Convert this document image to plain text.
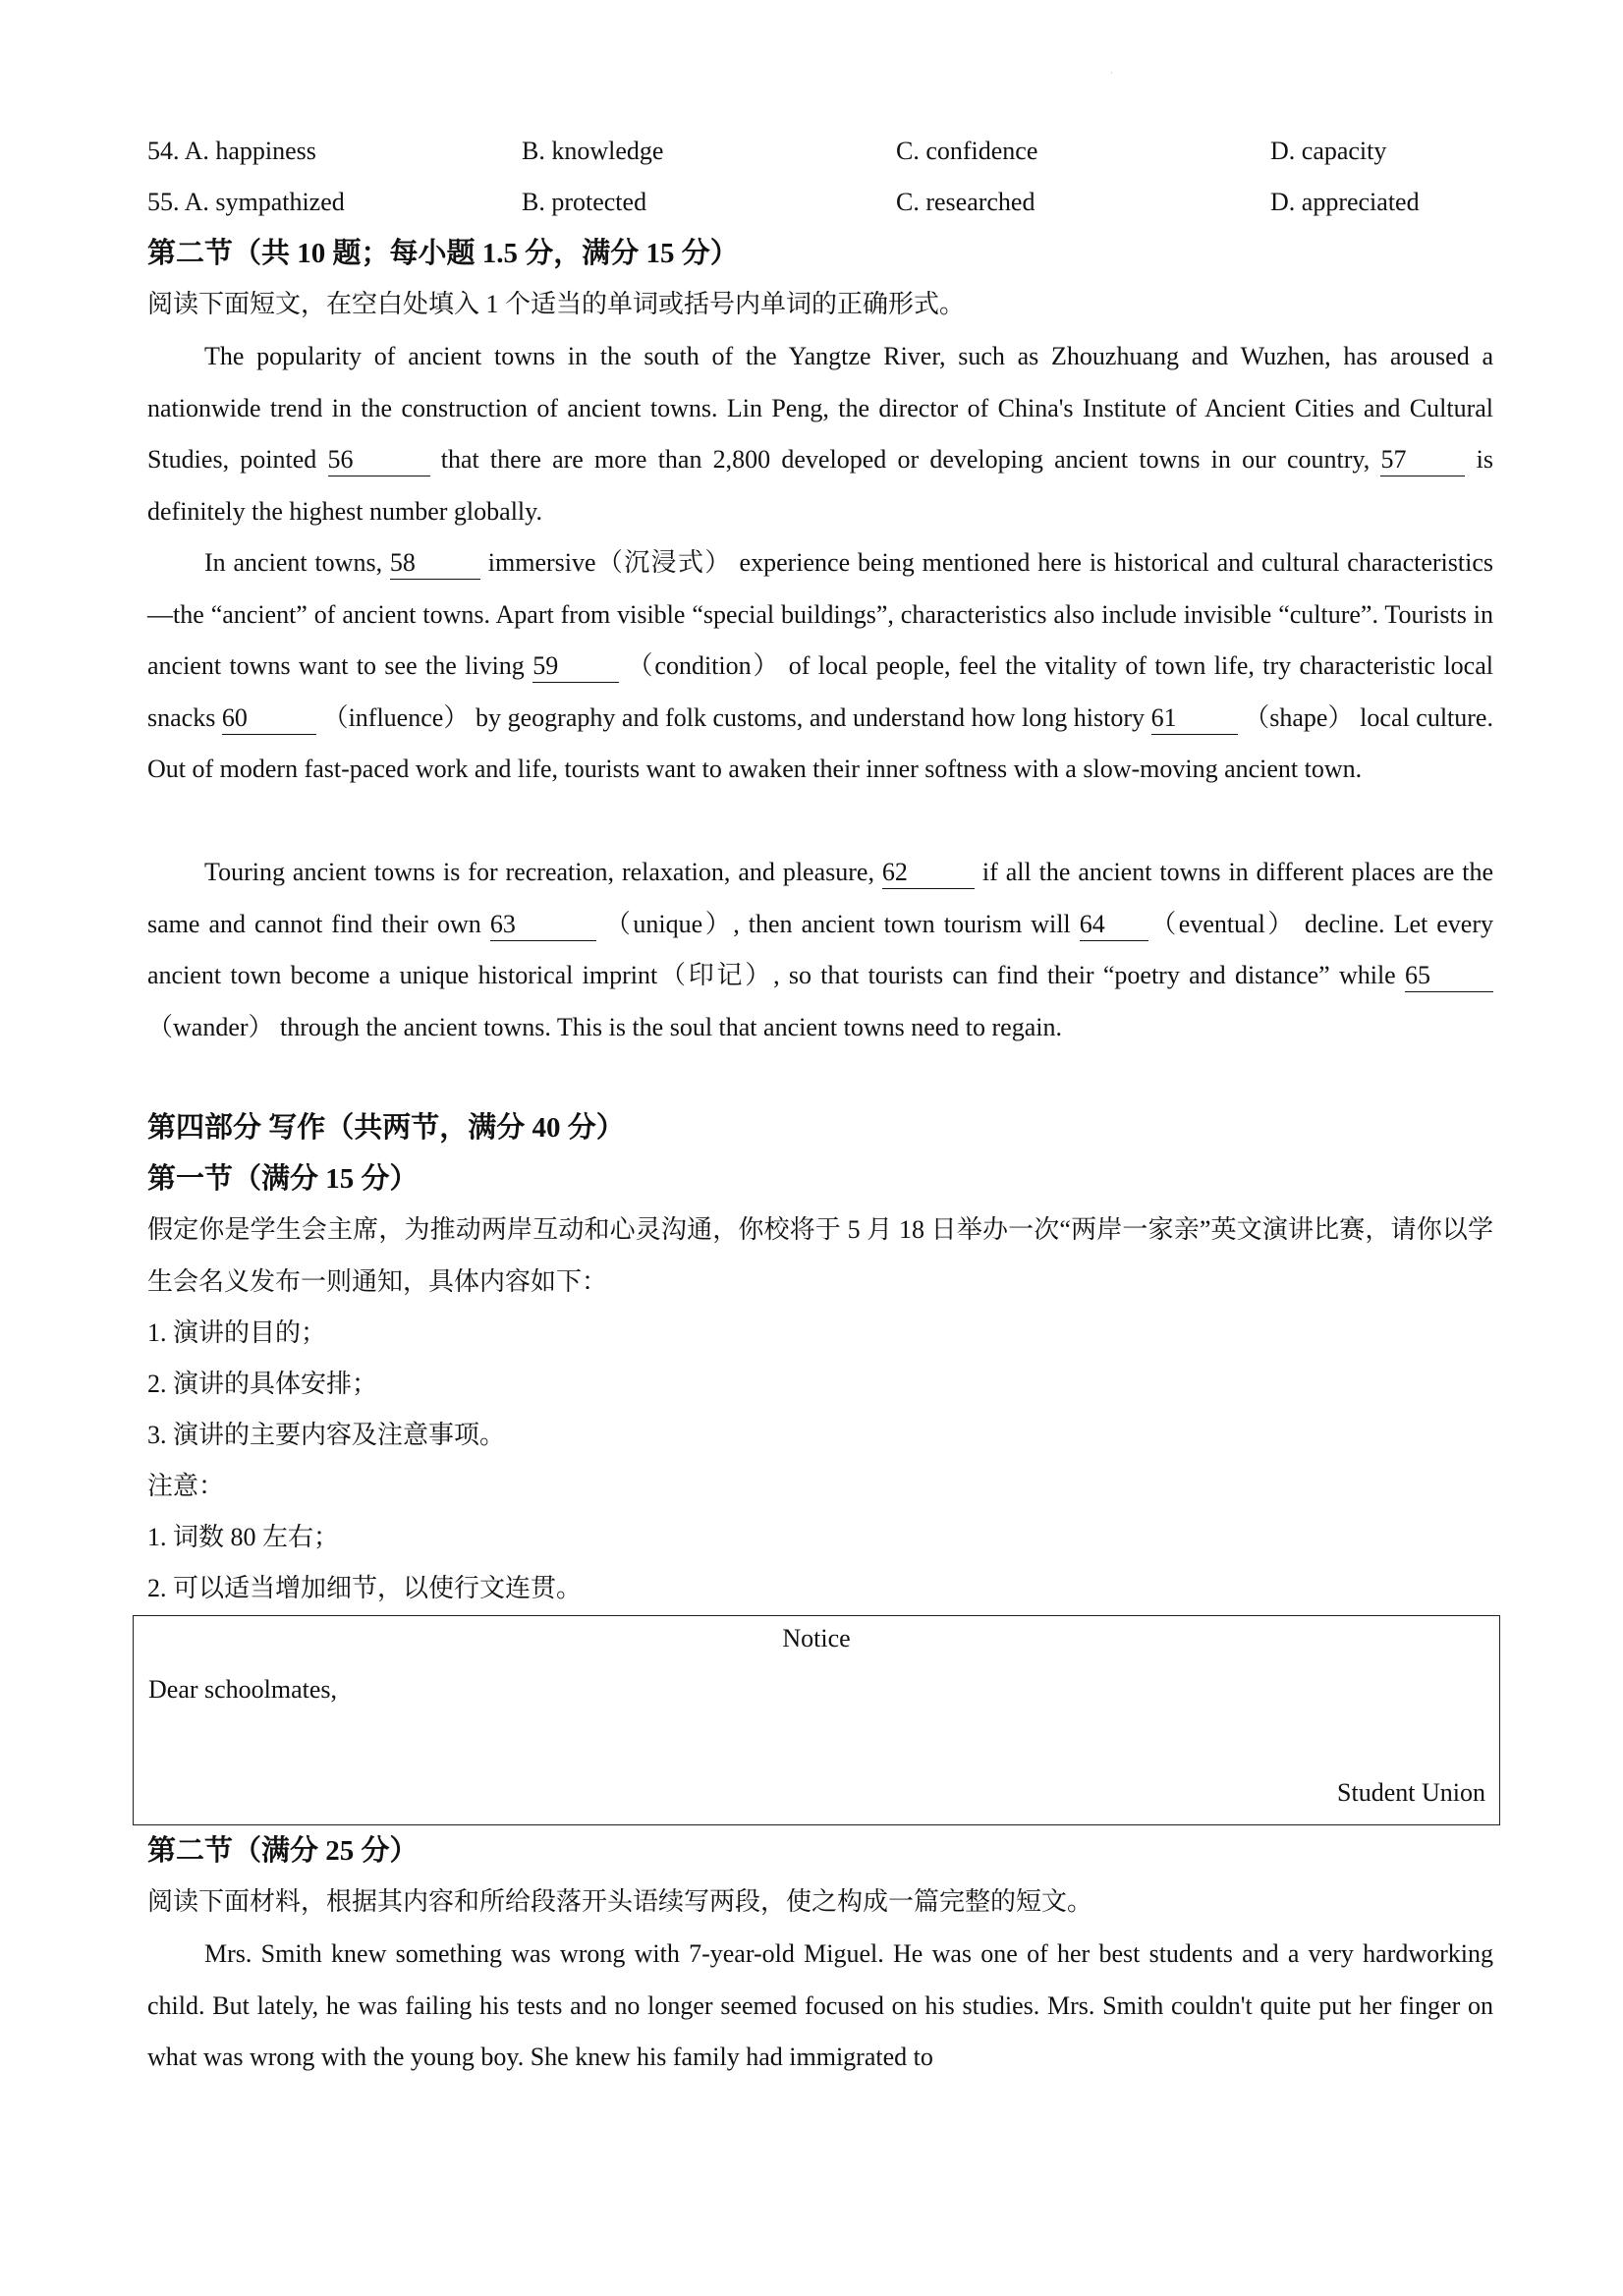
·
54. A. happiness	B. knowledge	C. confidence	D. capacity
55. A. sympathized	B. protected	C. researched	D. appreciated
第二节（共 10 题；每小题 1.5 分，满分 15 分）
阅读下面短文，在空白处填入 1 个适当的单词或括号内单词的正确形式。
The popularity of ancient towns in the south of the Yangtze River, such as Zhouzhuang and Wuzhen, has aroused a nationwide trend in the construction of ancient towns. Lin Peng, the director of China's Institute of Ancient Cities and Cultural Studies, pointed 56	that there are more than 2,800 developed or developing ancient towns in our country, 57 is definitely the highest number globally.
In ancient towns, 58	immersive（沉浸式） experience being mentioned here is historical and cultural characteristics—the “ancient” of ancient towns. Apart from visible “special buildings”, characteristics also include invisible “culture”. Tourists in ancient towns want to see the living 59 （condition） of local people, feel the vitality of town life, try characteristic local snacks 60	（influence） by geography and folk customs, and understand how long history 61 （shape） local culture. Out of modern fast-paced work and life, tourists want to awaken their inner softness with a slow-moving ancient town.
Touring ancient towns is for recreation, relaxation, and pleasure, 62	if all the ancient towns in different places are the same and cannot find their own 63	（unique）, then ancient town tourism will 64 （eventual） decline. Let every ancient town become a unique historical imprint（印记）, so that tourists can find their “poetry and distance” while 65 （wander） through the ancient towns. This is the soul that ancient towns need to regain.
第四部分 写作（共两节，满分 40 分）
第一节（满分 15 分）
假定你是学生会主席，为推动两岸互动和心灵沟通，你校将于 5 月 18 日举办一次“两岸一家亲”英文演讲比赛，请你以学生会名义发布一则通知，具体内容如下：
1. 演讲的目的；
2. 演讲的具体安排；
3. 演讲的主要内容及注意事项。
注意：
1. 词数 80 左右；
2. 可以适当增加细节，以使行文连贯。
Notice
Dear schoolmates,
Student Union
第二节（满分 25 分）
阅读下面材料，根据其内容和所给段落开头语续写两段，使之构成一篇完整的短文。
Mrs. Smith knew something was wrong with 7-year-old Miguel. He was one of her best students and a very hardworking child. But lately, he was failing his tests and no longer seemed focused on his studies. Mrs. Smith couldn't quite put her finger on what was wrong with the young boy. She knew his family had immigrated to
